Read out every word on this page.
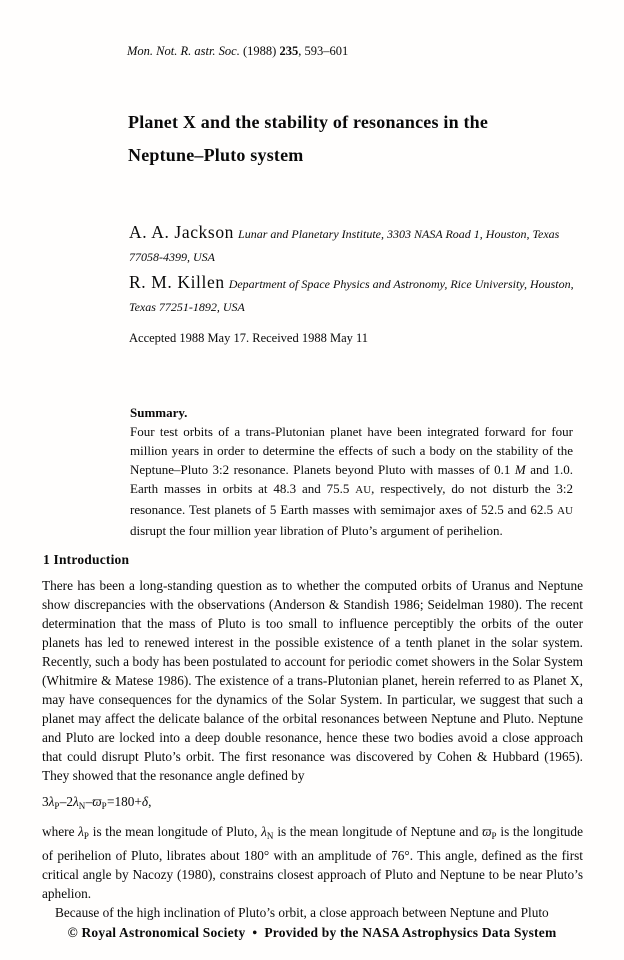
Mon. Not. R. astr. Soc. (1988) 235, 593–601
Planet X and the stability of resonances in the
Neptune–Pluto system
A. A. Jackson Lunar and Planetary Institute, 3303 NASA Road 1, Houston, Texas 77058-4399, USA
R. M. Killen Department of Space Physics and Astronomy, Rice University, Houston, Texas 77251-1892, USA
Accepted 1988 May 17. Received 1988 May 11

Summary.

Four test orbits of a trans-Plutonian planet have been integrated forward for four million years in order to determine the effects of such a body on the stability of the Neptune–Pluto 3:2 resonance. Planets beyond Pluto with masses of 0.1 M and 1.0. Earth masses in orbits at 48.3 and 75.5 AU, respectively, do not disturb the 3:2 resonance. Test planets of 5 Earth masses with semimajor axes of 52.5 and 62.5 AU disrupt the four million year libration of Pluto’s argument of perihelion.

1 Introduction

There has been a long-standing question as to whether the computed orbits of Uranus and Neptune show discrepancies with the observations (Anderson & Standish 1986; Seidelman 1980). The recent determination that the mass of Pluto is too small to influence perceptibly the orbits of the outer planets has led to renewed interest in the possible existence of a tenth planet in the solar system. Recently, such a body has been postulated to account for periodic comet showers in the Solar System (Whitmire & Matese 1986). The existence of a trans-Plutonian planet, herein referred to as Planet X, may have consequences for the dynamics of the Solar System. In particular, we suggest that such a planet may affect the delicate balance of the orbital resonances between Neptune and Pluto. Neptune and Pluto are locked into a deep double resonance, hence these two bodies avoid a close approach that could disrupt Pluto’s orbit. The first resonance was discovered by Cohen & Hubbard (1965). They showed that the resonance angle defined by

$3\lambda_P-2\lambda_N-ϖ_P=180+\delta$,

where $\lambda_P$ is the mean longitude of Pluto, $\lambda_N$ is the mean longitude of Neptune and $ϖ_P$ is the longitude of perihelion of Pluto, librates about 180° with an amplitude of 76°. This angle, defined as the first critical angle by Nacozy (1980), constrains closest approach of Pluto and Neptune to be near Pluto’s aphelion.

Because of the high inclination of Pluto’s orbit, a close approach between Neptune and Pluto

© Royal Astronomical Society • Provided by the NASA Astrophysics Data System
